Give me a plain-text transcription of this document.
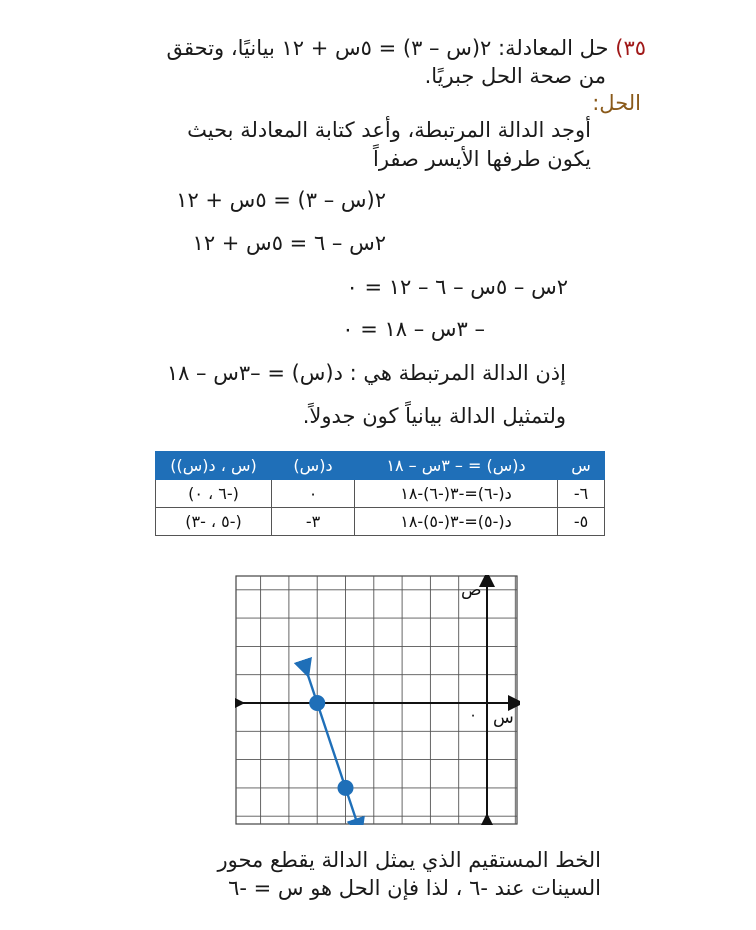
٣٥) حل المعادلة: ٢(س – ٣) = ٥س + ١٢ بيانيًا، وتحقق
من صحة الحل جبريًا.
الحل:
أوجد الدالة المرتبطة، وأعد كتابة المعادلة بحيث
يكون طرفها الأيسر صفراً
٢(س – ٣) = ٥س + ١٢
٢س – ٦ = ٥س + ١٢
٢س – ٥س – ٦ – ١٢ = ٠
– ٣س – ١٨ = ٠
إذن الدالة المرتبطة هي : د(س) = –٣س – ١٨
ولتمثيل الدالة بيانياً كون جدولاً.
س	د(س) = – ٣س – ١٨	د(س)	(س ، د(س))
٦-	د(-٦)=-٣(-٦)-١٨	٠	(-٦ ، ٠)
٥-	د(-٥)=-٣(-٥)-١٨	٣-	(-٥ ، -٣)
ص
س
٠
الخط المستقيم الذي يمثل الدالة يقطع محور
السينات عند -٦ ، لذا فإن الحل هو س = -٦
